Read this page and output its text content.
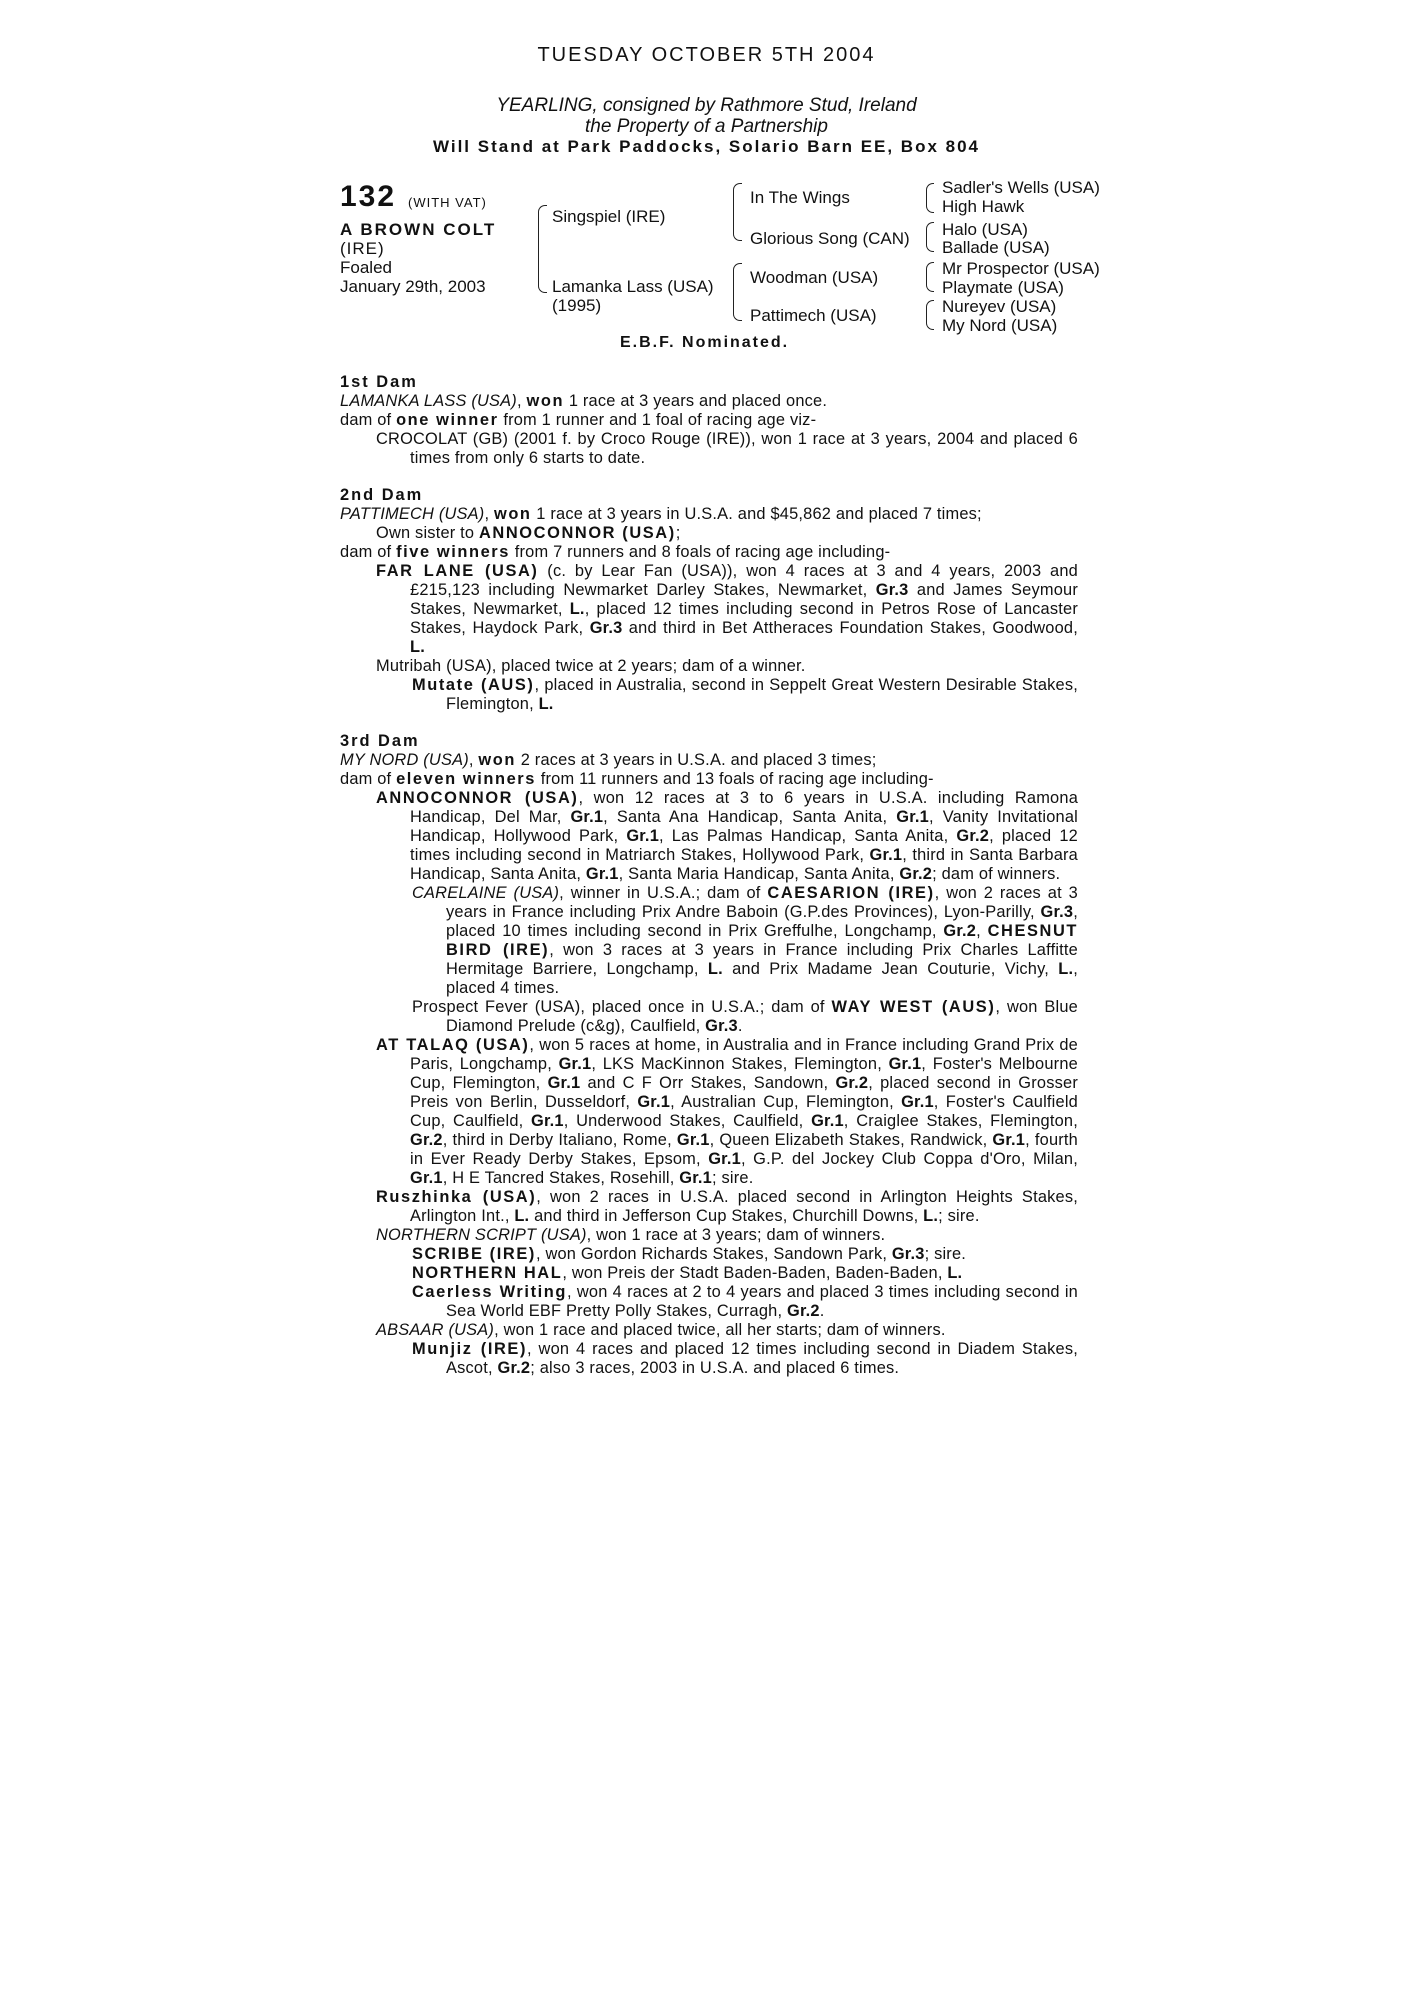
TUESDAY OCTOBER 5TH 2004
YEARLING, consigned by Rathmore Stud, Ireland
the Property of a Partnership
Will Stand at Park Paddocks, Solario Barn EE, Box 804
132 (WITH VAT)
A BROWN COLT
(IRE)
Foaled
January 29th, 2003
Singspiel (IRE)
Lamanka Lass (USA)
(1995)
In The Wings
Glorious Song (CAN)
Woodman (USA)
Pattimech (USA)
Sadler's Wells (USA)
High Hawk
Halo (USA)
Ballade (USA)
Mr Prospector (USA)
Playmate (USA)
Nureyev (USA)
My Nord (USA)
E.B.F. Nominated.
1st Dam
LAMANKA LASS (USA), won 1 race at 3 years and placed once.
dam of one winner from 1 runner and 1 foal of racing age viz-
CROCOLAT (GB) (2001 f. by Croco Rouge (IRE)), won 1 race at 3 years, 2004 and placed 6 times from only 6 starts to date.
2nd Dam
PATTIMECH (USA), won 1 race at 3 years in U.S.A. and $45,862 and placed 7 times;
Own sister to ANNOCONNOR (USA);
dam of five winners from 7 runners and 8 foals of racing age including-
FAR LANE (USA) (c. by Lear Fan (USA)), won 4 races at 3 and 4 years, 2003 and £215,123 including Newmarket Darley Stakes, Newmarket, Gr.3 and James Seymour Stakes, Newmarket, L., placed 12 times including second in Petros Rose of Lancaster Stakes, Haydock Park, Gr.3 and third in Bet Attheraces Foundation Stakes, Goodwood, L.
Mutribah (USA), placed twice at 2 years; dam of a winner.
Mutate (AUS), placed in Australia, second in Seppelt Great Western Desirable Stakes, Flemington, L.
3rd Dam
MY NORD (USA), won 2 races at 3 years in U.S.A. and placed 3 times;
dam of eleven winners from 11 runners and 13 foals of racing age including-
ANNOCONNOR (USA), won 12 races at 3 to 6 years in U.S.A. including Ramona Handicap, Del Mar, Gr.1, Santa Ana Handicap, Santa Anita, Gr.1, Vanity Invitational Handicap, Hollywood Park, Gr.1, Las Palmas Handicap, Santa Anita, Gr.2, placed 12 times including second in Matriarch Stakes, Hollywood Park, Gr.1, third in Santa Barbara Handicap, Santa Anita, Gr.1, Santa Maria Handicap, Santa Anita, Gr.2; dam of winners.
CARELAINE (USA), winner in U.S.A.; dam of CAESARION (IRE), won 2 races at 3 years in France including Prix Andre Baboin (G.P.des Provinces), Lyon-Parilly, Gr.3, placed 10 times including second in Prix Greffulhe, Longchamp, Gr.2, CHESNUT BIRD (IRE), won 3 races at 3 years in France including Prix Charles Laffitte Hermitage Barriere, Longchamp, L. and Prix Madame Jean Couturie, Vichy, L., placed 4 times.
Prospect Fever (USA), placed once in U.S.A.; dam of WAY WEST (AUS), won Blue Diamond Prelude (c&g), Caulfield, Gr.3.
AT TALAQ (USA), won 5 races at home, in Australia and in France including Grand Prix de Paris, Longchamp, Gr.1, LKS MacKinnon Stakes, Flemington, Gr.1, Foster's Melbourne Cup, Flemington, Gr.1 and C F Orr Stakes, Sandown, Gr.2, placed second in Grosser Preis von Berlin, Dusseldorf, Gr.1, Australian Cup, Flemington, Gr.1, Foster's Caulfield Cup, Caulfield, Gr.1, Underwood Stakes, Caulfield, Gr.1, Craiglee Stakes, Flemington, Gr.2, third in Derby Italiano, Rome, Gr.1, Queen Elizabeth Stakes, Randwick, Gr.1, fourth in Ever Ready Derby Stakes, Epsom, Gr.1, G.P. del Jockey Club Coppa d'Oro, Milan, Gr.1, H E Tancred Stakes, Rosehill, Gr.1; sire.
Ruszhinka (USA), won 2 races in U.S.A. placed second in Arlington Heights Stakes, Arlington Int., L. and third in Jefferson Cup Stakes, Churchill Downs, L.; sire.
NORTHERN SCRIPT (USA), won 1 race at 3 years; dam of winners.
SCRIBE (IRE), won Gordon Richards Stakes, Sandown Park, Gr.3; sire.
NORTHERN HAL, won Preis der Stadt Baden-Baden, Baden-Baden, L.
Caerless Writing, won 4 races at 2 to 4 years and placed 3 times including second in Sea World EBF Pretty Polly Stakes, Curragh, Gr.2.
ABSAAR (USA), won 1 race and placed twice, all her starts; dam of winners.
Munjiz (IRE), won 4 races and placed 12 times including second in Diadem Stakes, Ascot, Gr.2; also 3 races, 2003 in U.S.A. and placed 6 times.
